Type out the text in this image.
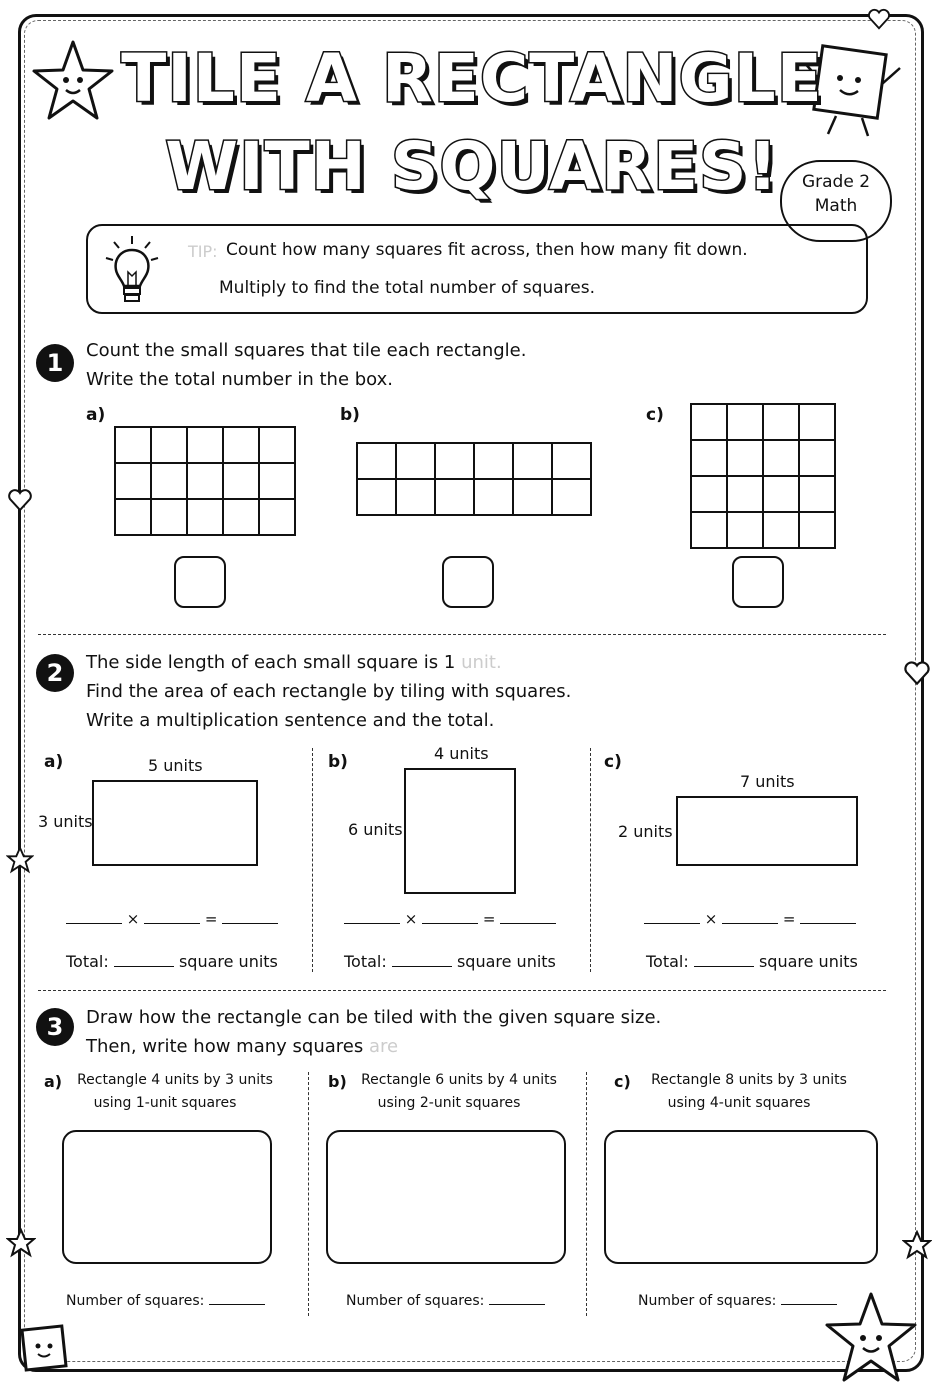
TILE A RECTANGLE
WITH SQUARES!	Grade 2
Math
TIP: Count how many squares fit across, then how many fit down.
Multiply to find the total number of squares.
1	Count the small squares that tile each rectangle.
Write the total number in the box.
a)	b)	c)

2	The side length of each small square is 1 unit.
Find the area of each rectangle by tiling with squares.
Write a multiplication sentence and the total.
a)	5 units
3 units
b)	4 units
6 units
c)
7 units
2 units
×	=	×	=	×	=
Total:	square units	Total:	square units	Total:	square units
3	Draw how the rectangle can be tiled with the given square size.
Then, write how many squares are
a)	Rectangle 4 units by 3 units
using 1-unit squares
Number of squares:
b)	Rectangle 6 units by 4 units
using 2-unit squares
Number of squares:
c)	Rectangle 8 units by 3 units
using 4-unit squares
Number of squares:
